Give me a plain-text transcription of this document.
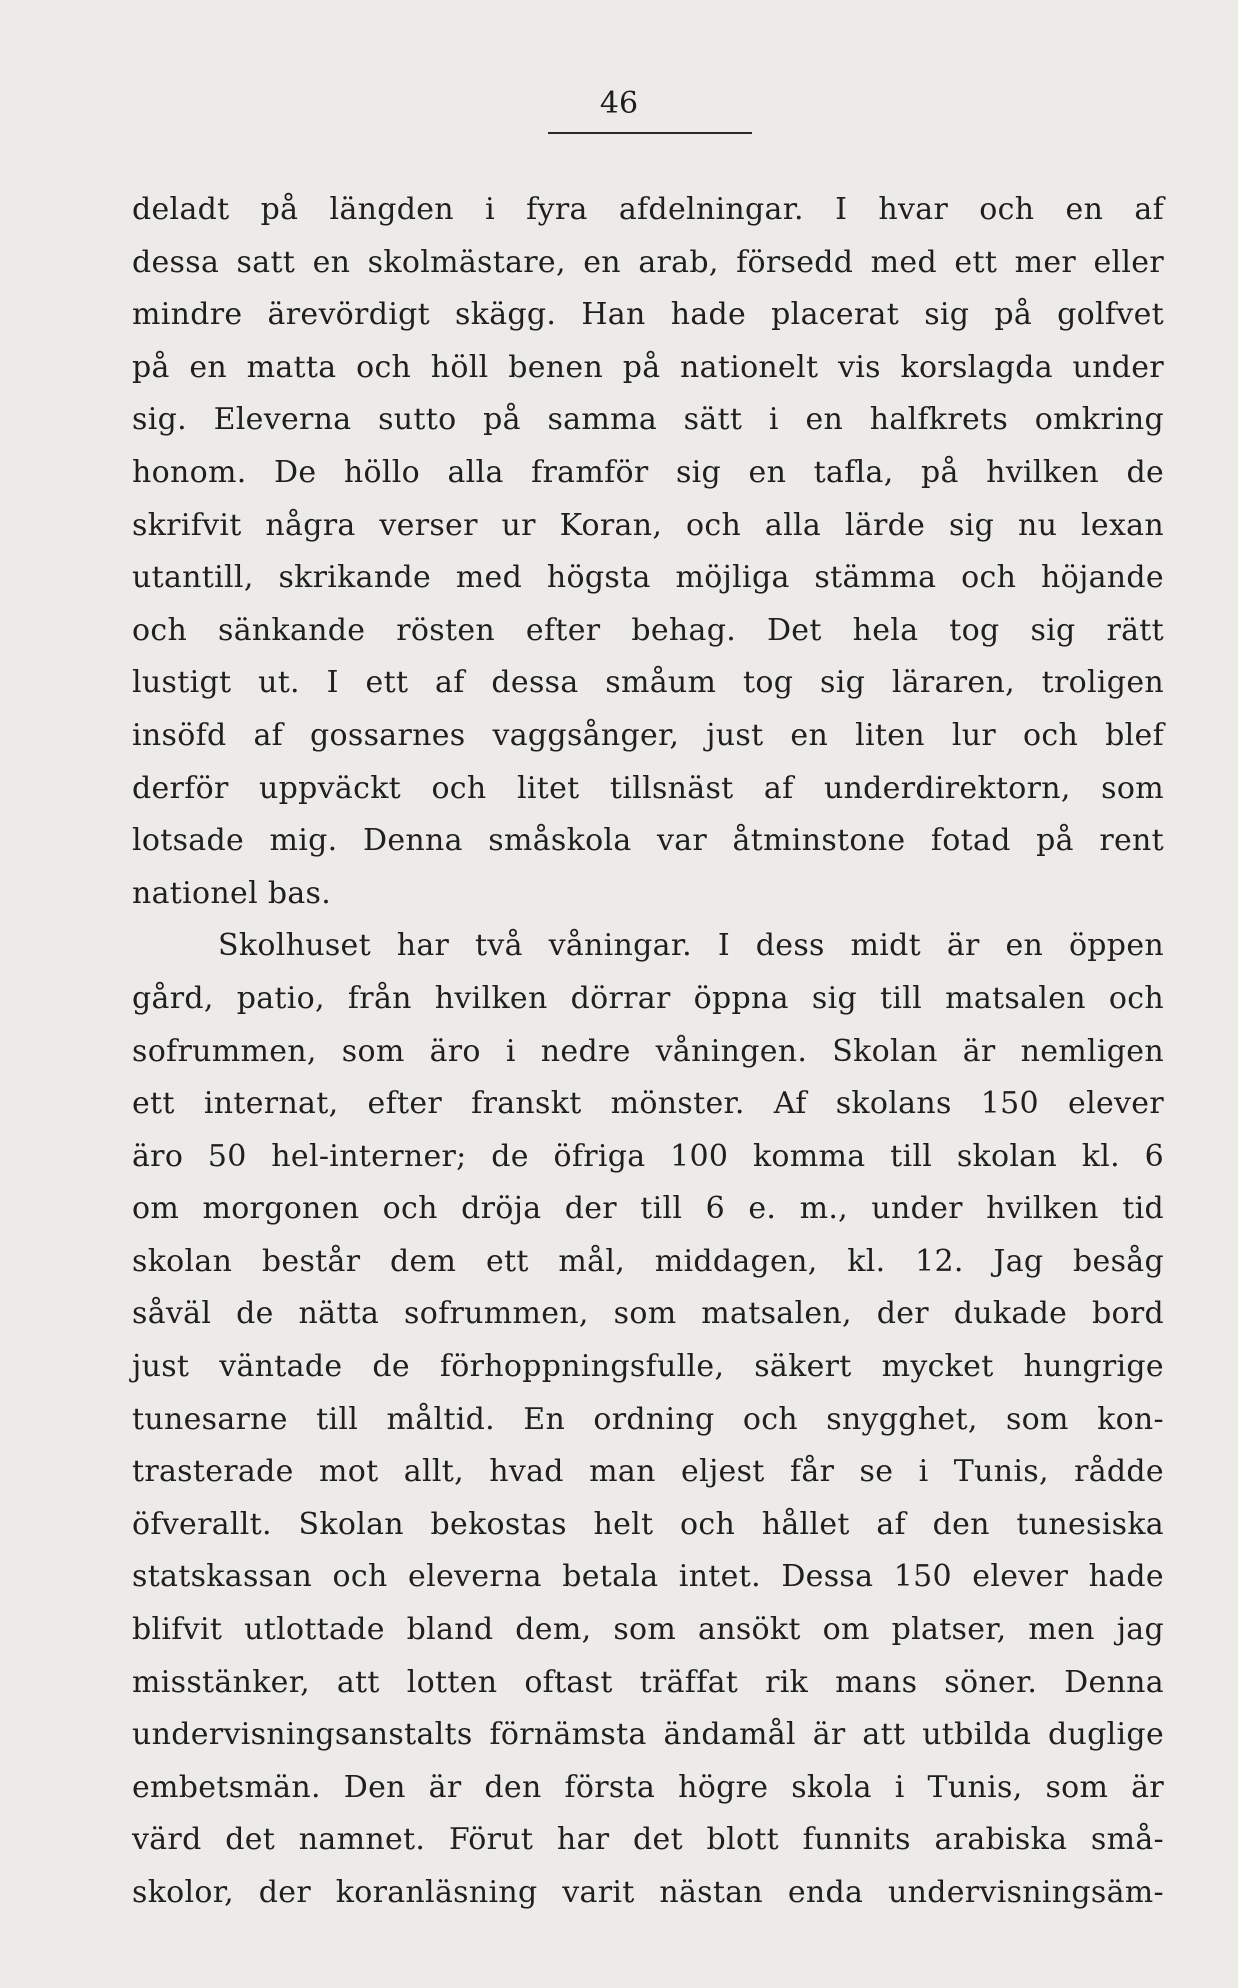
46
deladt på längden i fyra afdelningar. I hvar och en af
dessa satt en skolmästare, en arab, försedd med ett mer eller
mindre ärevördigt skägg. Han hade placerat sig på golfvet
på en matta och höll benen på nationelt vis korslagda under
sig. Eleverna sutto på samma sätt i en halfkrets omkring
honom. De höllo alla framför sig en tafla, på hvilken de
skrifvit några verser ur Koran, och alla lärde sig nu lexan
utantill, skrikande med högsta möjliga stämma och höjande
och sänkande rösten efter behag. Det hela tog sig rätt
lustigt ut. I ett af dessa småum tog sig läraren, troligen
insöfd af gossarnes vaggsånger, just en liten lur och blef
derför uppväckt och litet tillsnäst af underdirektorn, som
lotsade mig. Denna småskola var åtminstone fotad på rent
nationel bas.
Skolhuset har två våningar. I dess midt är en öppen
gård, patio, från hvilken dörrar öppna sig till matsalen och
sofrummen, som äro i nedre våningen. Skolan är nemligen
ett internat, efter franskt mönster. Af skolans 150 elever
äro 50 hel-interner; de öfriga 100 komma till skolan kl. 6
om morgonen och dröja der till 6 e. m., under hvilken tid
skolan består dem ett mål, middagen, kl. 12. Jag besåg
såväl de nätta sofrummen, som matsalen, der dukade bord
just väntade de förhoppningsfulle, säkert mycket hungrige
tunesarne till måltid. En ordning och snygghet, som kon-
trasterade mot allt, hvad man eljest får se i Tunis, rådde
öfverallt. Skolan bekostas helt och hållet af den tunesiska
statskassan och eleverna betala intet. Dessa 150 elever hade
blifvit utlottade bland dem, som ansökt om platser, men jag
misstänker, att lotten oftast träffat rik mans söner. Denna
undervisningsanstalts förnämsta ändamål är att utbilda duglige
embetsmän. Den är den första högre skola i Tunis, som är
värd det namnet. Förut har det blott funnits arabiska små-
skolor, der koranläsning varit nästan enda undervisningsäm-
